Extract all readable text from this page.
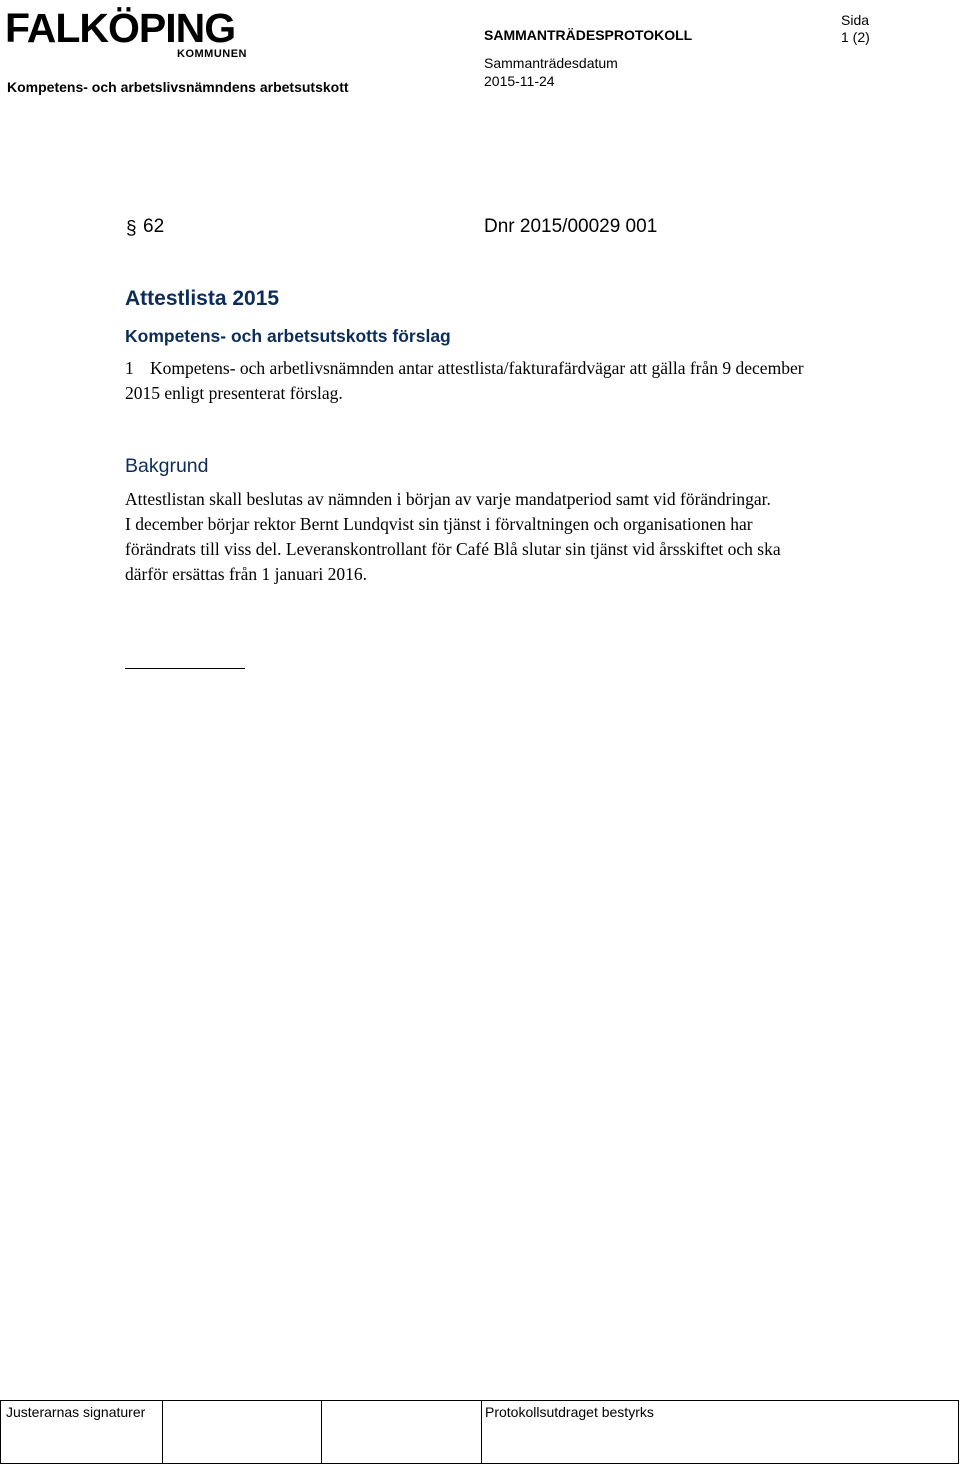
FALKÖPING
KOMMUNEN
Kompetens- och arbetslivsnämndens arbetsutskott
SAMMANTRÄDESPROTOKOLL
Sammanträdesdatum
2015-11-24
Sida
1 (2)
§ 62	Dnr 2015/00029 001
Attestlista 2015
Kompetens- och arbetsutskotts förslag
1 Kompetens- och arbetlivsnämnden antar attestlista/fakturafärdvägar att gälla från 9 december 2015 enligt presenterat förslag.
Bakgrund

Attestlistan skall beslutas av nämnden i början av varje mandatperiod samt vid förändringar.

I december börjar rektor Bernt Lundqvist sin tjänst i förvaltningen och organisationen har förändrats till viss del. Leveranskontrollant för Café Blå slutar sin tjänst vid årsskiftet och ska därför ersättas från 1 januari 2016.

Justerarnas signaturer	Protokollsutdraget bestyrks
